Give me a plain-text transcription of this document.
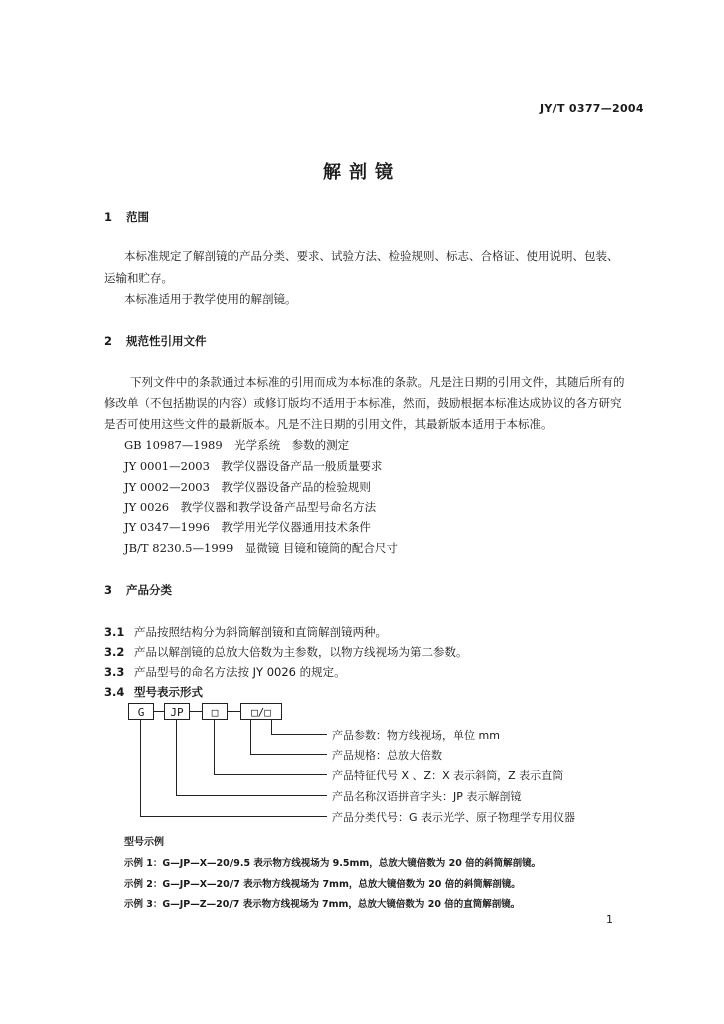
JY/T 0377—2004
解剖镜
1 范围
本标准规定了解剖镜的产品分类、要求、试验方法、检验规则、标志、合格证、使用说明、包装、
运输和贮存。
本标准适用于教学使用的解剖镜。
2 规范性引用文件
下列文件中的条款通过本标准的引用而成为本标准的条款。凡是注日期的引用文件，其随后所有的
修改单（不包括勘误的内容）或修订版均不适用于本标准，然而，鼓励根据本标准达成协议的各方研究
是否可使用这些文件的最新版本。凡是不注日期的引用文件，其最新版本适用于本标准。
GB 10987—1989　光学系统　参数的测定
JY 0001—2003　教学仪器设备产品一般质量要求
JY 0002—2003　教学仪器设备产品的检验规则
JY 0026　教学仪器和教学设备产品型号命名方法
JY 0347—1996　教学用光学仪器通用技术条件
JB/T 8230.5—1999　显微镜 目镜和镜筒的配合尺寸
3 产品分类
3.1 产品按照结构分为斜筒解剖镜和直筒解剖镜两种。
3.2 产品以解剖镜的总放大倍数为主参数，以物方线视场为第二参数。
3.3 产品型号的命名方法按 JY 0026 的规定。
3.4 型号表示形式
G	JP	□	□/□
产品参数：物方线视场，单位 mm
产品规格：总放大倍数
产品特征代号 X 、Z：X 表示斜筒，Z 表示直筒
产品名称汉语拼音字头：JP 表示解剖镜
产品分类代号：G 表示光学、原子物理学专用仪器
型号示例
示例 1：G—JP—X—20/9.5 表示物方线视场为 9.5mm，总放大镜倍数为 20 倍的斜筒解剖镜。
示例 2：G—JP—X—20/7 表示物方线视场为 7mm，总放大镜倍数为 20 倍的斜筒解剖镜。
示例 3：G—JP—Z—20/7 表示物方线视场为 7mm，总放大镜倍数为 20 倍的直筒解剖镜。
1
